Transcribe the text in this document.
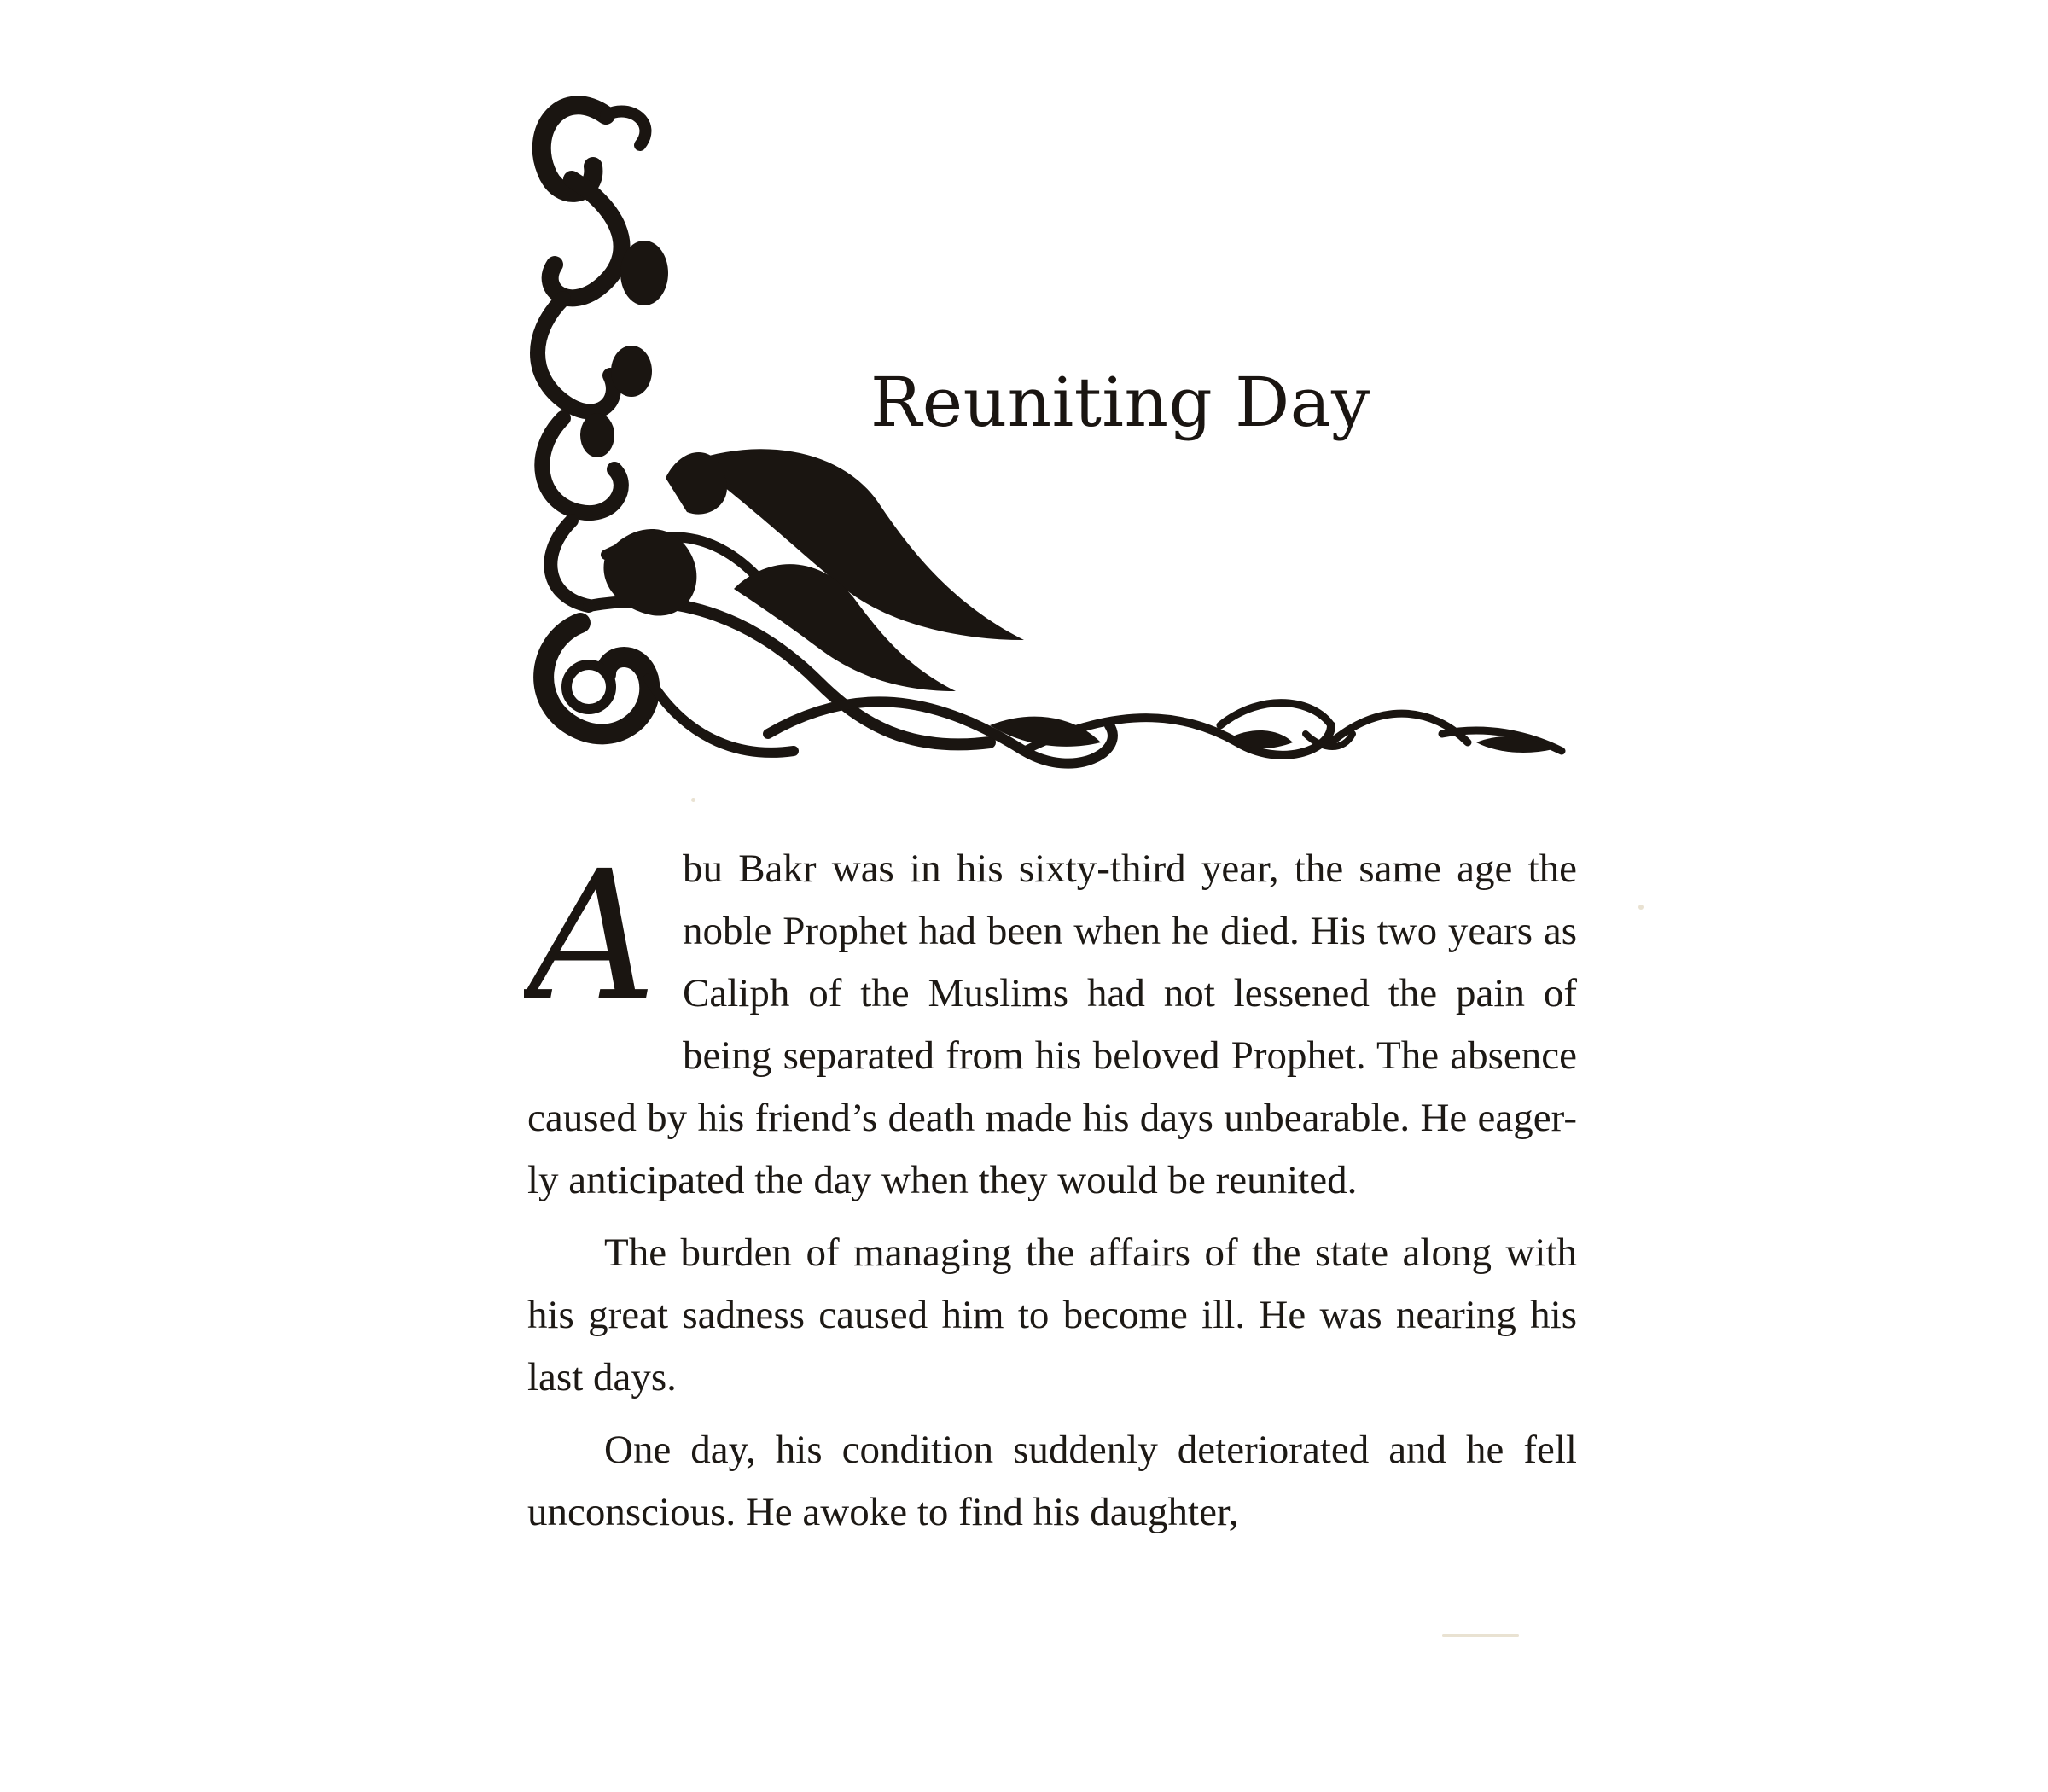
Reuniting Day

A bu Bakr was in his sixty-third year, the same age the noble Prophet had been when he died. His two years as Caliph of the Muslims had not lessened the pain of being separated from his beloved Prophet. The absence caused by his friend’s death made his days unbearable. He eager-ly anticipated the day when they would be reunited.

The burden of managing the affairs of the state along with his great sadness caused him to become ill. He was nearing his last days.

One day, his condition suddenly deteriorated and he fell unconscious. He awoke to find his daughter,
